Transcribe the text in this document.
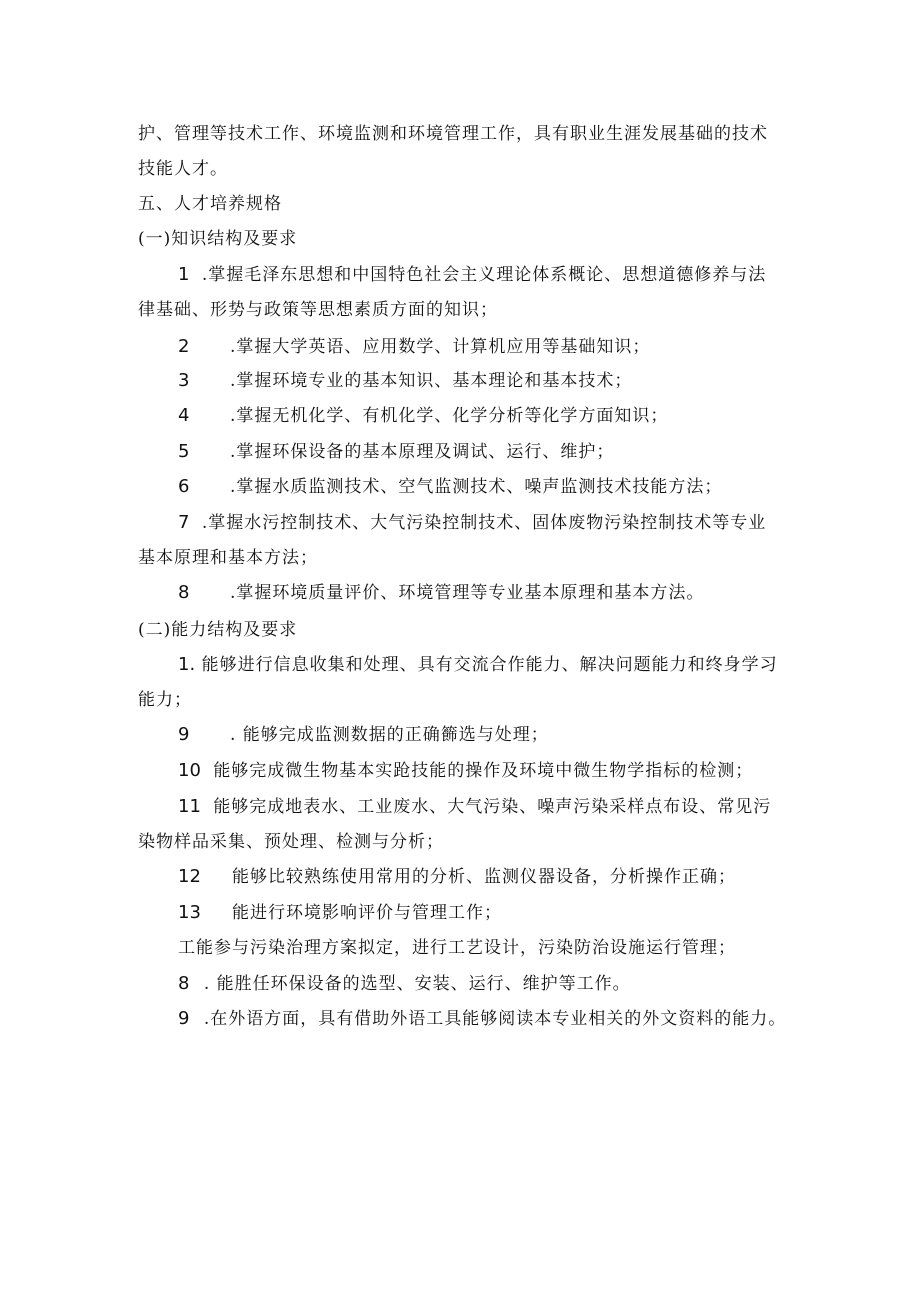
护、管理等技术工作、环境监测和环境管理工作，具有职业生涯发展基础的技术
技能人才。
五、人才培养规格
(一)知识结构及要求
1 .掌握毛泽东思想和中国特色社会主义理论体系概论、思想道德修养与法
律基础、形势与政策等思想素质方面的知识；
2 .掌握大学英语、应用数学、计算机应用等基础知识；
3 .掌握环境专业的基本知识、基本理论和基本技术；
4 .掌握无机化学、有机化学、化学分析等化学方面知识；
5 .掌握环保设备的基本原理及调试、运行、维护；
6 .掌握水质监测技术、空气监测技术、噪声监测技术技能方法；
7 .掌握水污控制技术、大气污染控制技术、固体废物污染控制技术等专业
基本原理和基本方法；
8 .掌握环境质量评价、环境管理等专业基本原理和基本方法。
(二)能力结构及要求
1. 能够进行信息收集和处理、具有交流合作能力、解决问题能力和终身学习
能力；
9 . 能够完成监测数据的正确籂选与处理；
10 能够完成微生物基本实跄技能的操作及环境中微生物学指标的检测；
11 能够完成地表水、工业废水、大气污染、噪声污染采样点布设、常见污
染物样品采集、预处理、检测与分析；
12 能够比较熟练使用常用的分析、监测仪器设备，分析操作正确；
13 能进行环境影响评价与管理工作；
工能参与污染治理方案拟定，进行工艺设计，污染防治设施运行管理；
8 . 能胜任环保设备的选型、安装、运行、维护等工作。
9 .在外语方面，具有借助外语工具能够阅读本专业相关的外文资料的能力。
